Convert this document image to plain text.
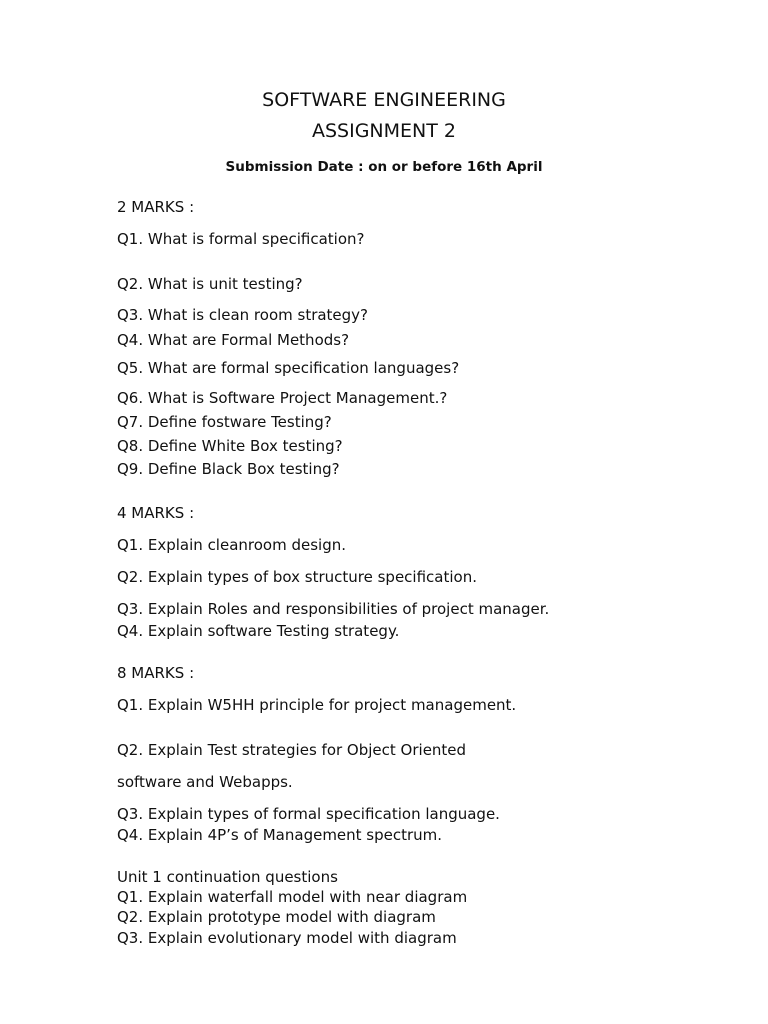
SOFTWARE ENGINEERING
ASSIGNMENT 2

Submission Date : on or before 16th April

2 MARKS :

Q1. What is formal specification?

Q2. What is unit testing?

Q3. What is clean room strategy?

Q4. What are Formal Methods?

Q5. What are formal specification languages?

Q6. What is Software Project Management.?

Q7. Define fostware Testing?

Q8. Define White Box testing?

Q9. Define Black Box testing?

4 MARKS :

Q1. Explain cleanroom design.

Q2. Explain types of box structure specification.

Q3. Explain Roles and responsibilities of project manager.

Q4. Explain software Testing strategy.

8 MARKS :

Q1. Explain W5HH principle for project management.

Q2. Explain Test strategies for Object Oriented

software and Webapps.

Q3. Explain types of formal specification language.

Q4. Explain 4P’s of Management spectrum.

Unit 1 continuation questions

Q1. Explain waterfall model with near diagram

Q2. Explain prototype model with diagram

Q3. Explain evolutionary model with diagram
